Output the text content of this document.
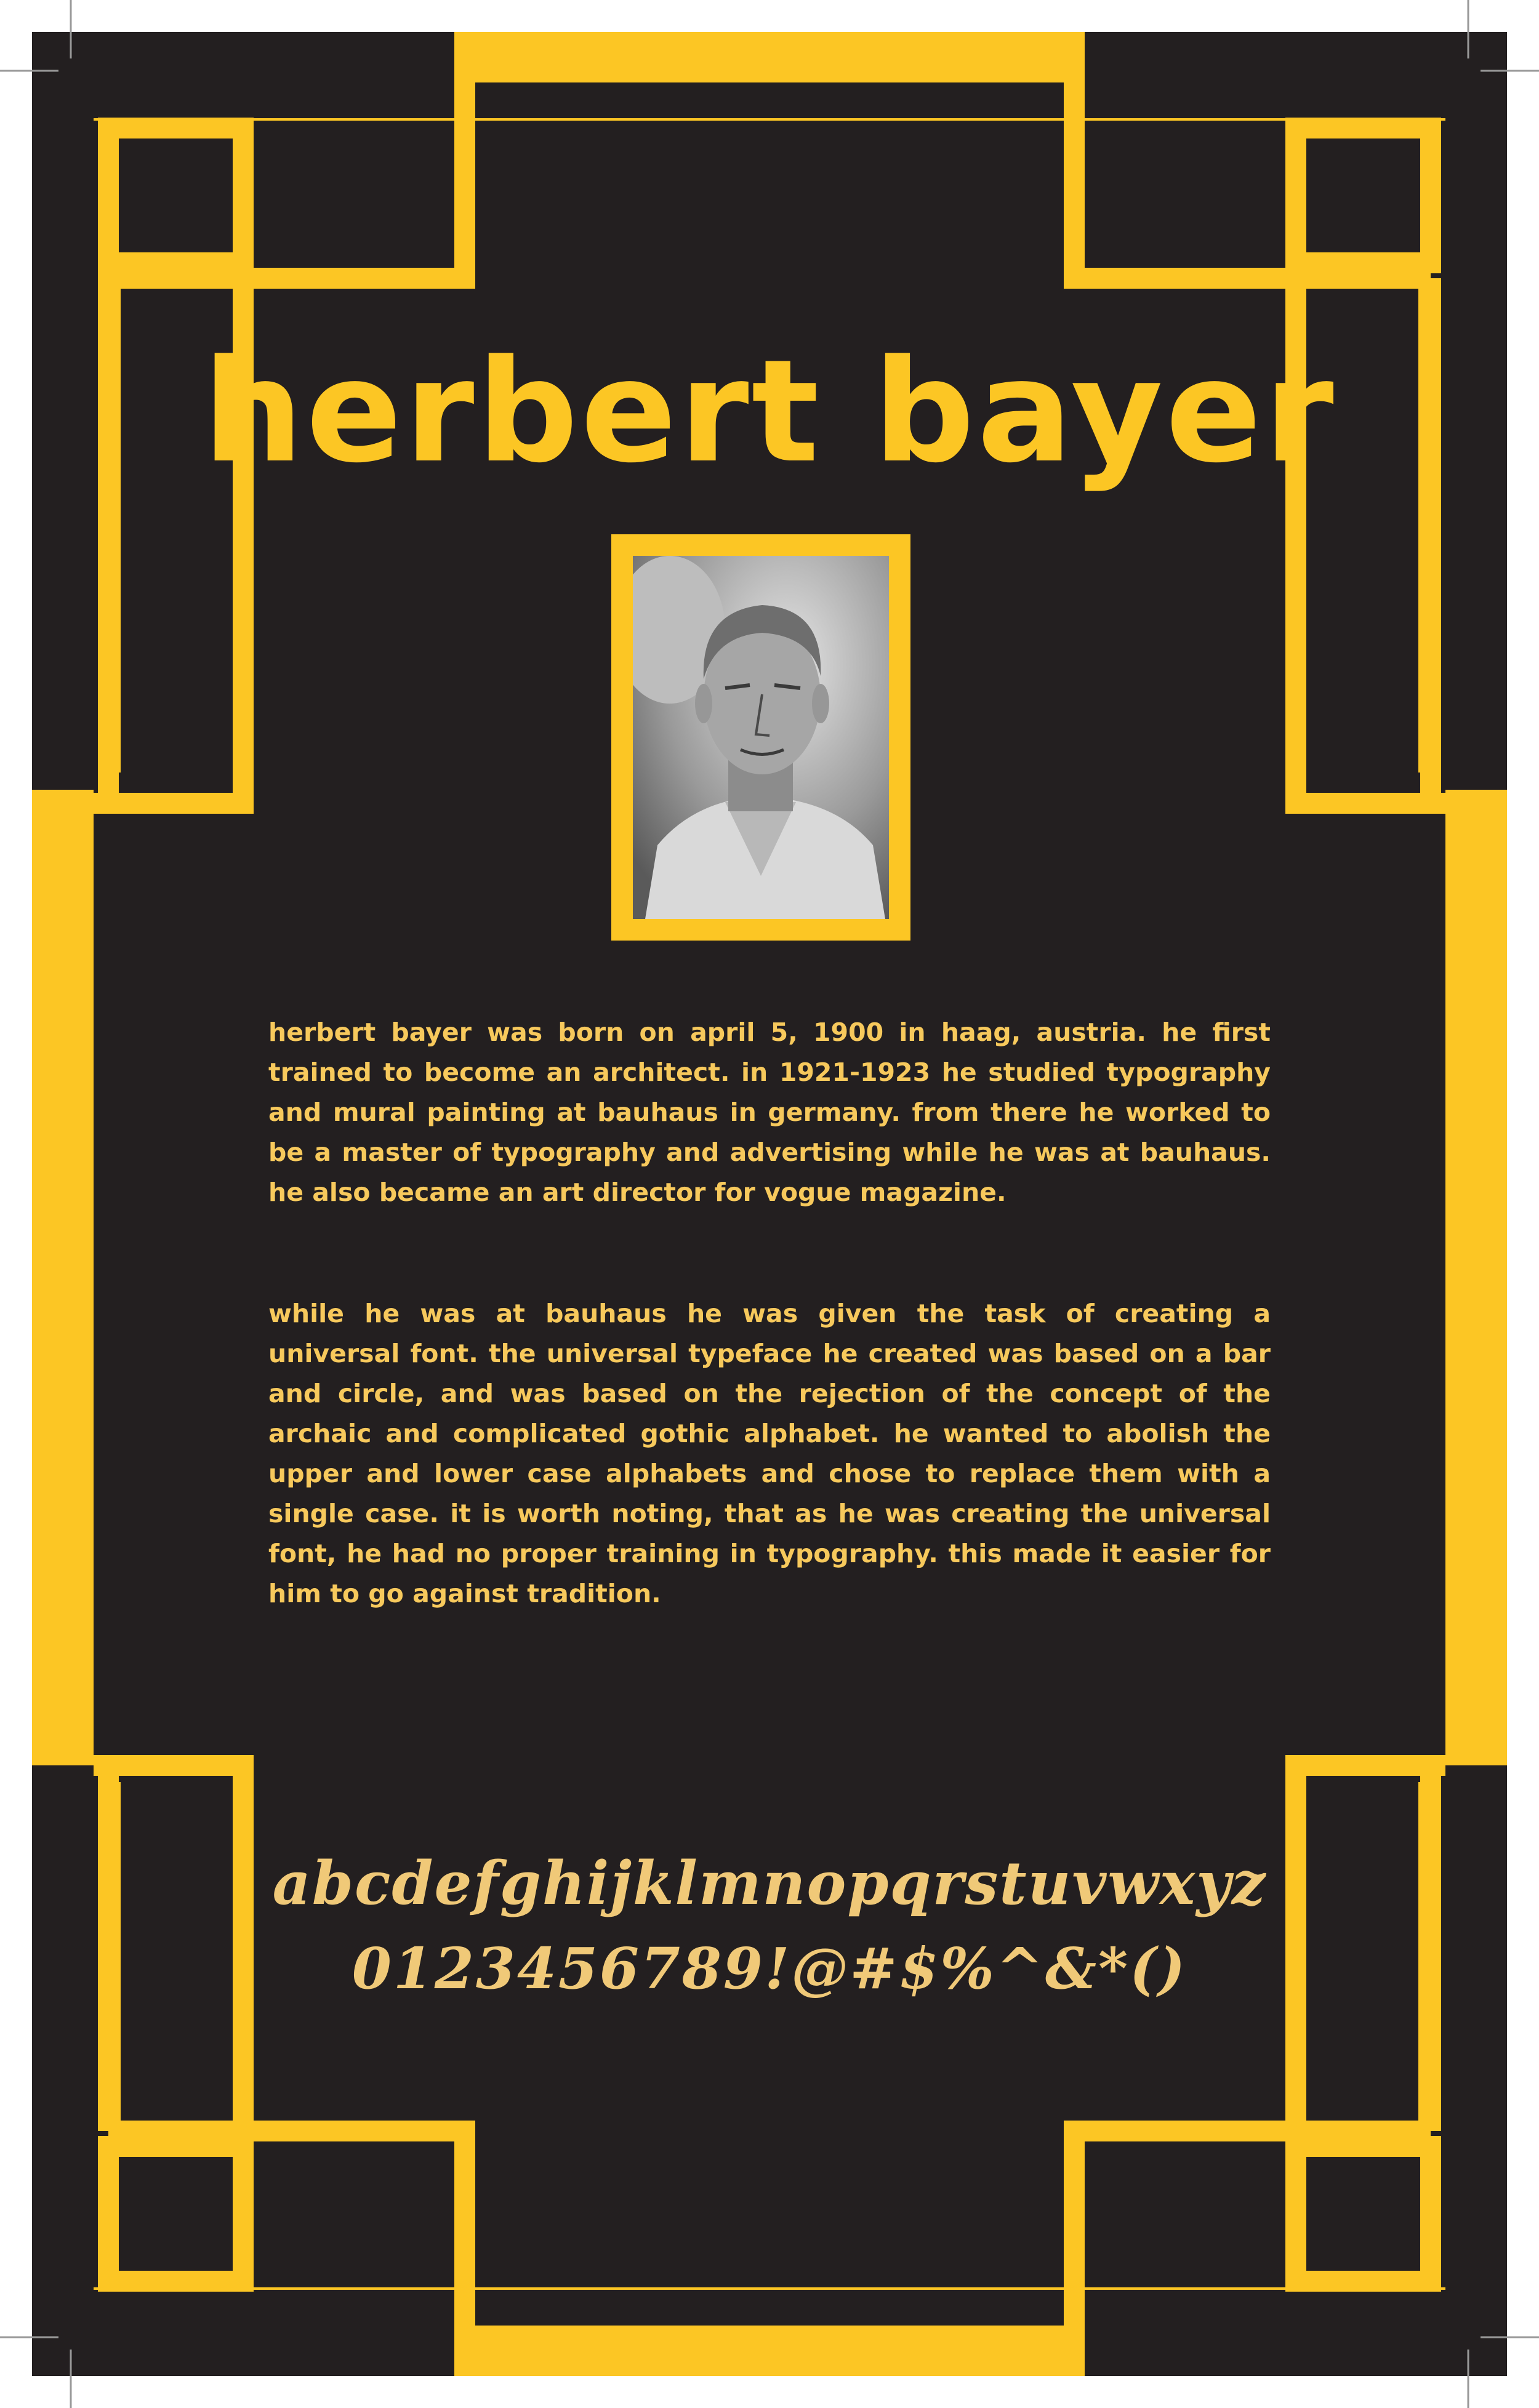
herbert bayer

herbert bayer was born on april 5, 1900 in haag, austria. he first trained to become an architect. in 1921-1923 he studied typography and mural painting at bauhaus in germany. from there he worked to be a master of typography and advertising while he was at bauhaus. he also became an art director for vogue magazine.

while he was at bauhaus he was given the task of creating a universal font. the universal typeface he created was based on a bar and circle, and was based on the rejection of the concept of the archaic and complicated gothic alphabet. he wanted to abolish the upper and lower case alphabets and chose to replace them with a single case. it is worth noting, that as he was creating the universal font, he had no proper training in typography. this made it easier for him to go against tradition.

abcdefghijklmnopqrstuvwxyz

0123456789!@#$%^&*()
